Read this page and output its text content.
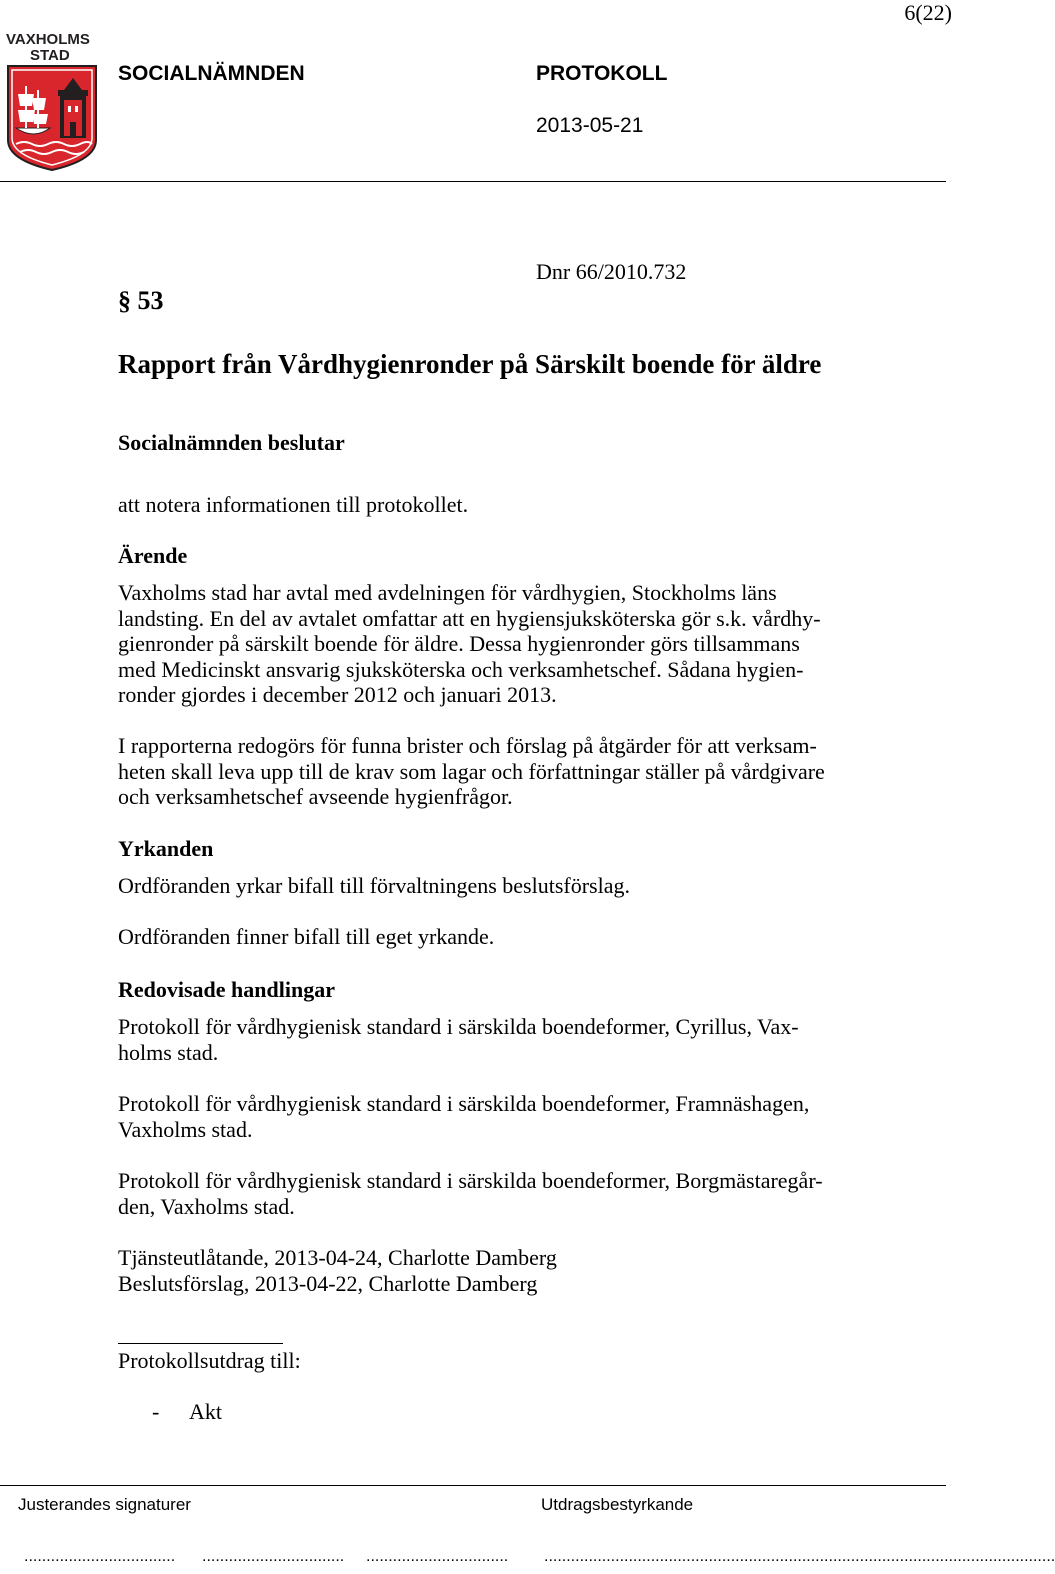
6(22)
VAXHOLMS
STAD
SOCIALNÄMNDEN	PROTOKOLL
2013-05-21
Dnr 66/2010.732
§ 53
Rapport från Vårdhygienronder på Särskilt boende för äldre
Socialnämnden beslutar
att notera informationen till protokollet.
Ärende
Vaxholms stad har avtal med avdelningen för vårdhygien, Stockholms läns
landsting. En del av avtalet omfattar att en hygiensjuksköterska gör s.k. vårdhy-
gienronder på särskilt boende för äldre. Dessa hygienronder görs tillsammans
med Medicinskt ansvarig sjuksköterska och verksamhetschef. Sådana hygien-
ronder gjordes i december 2012 och januari 2013.
I rapporterna redogörs för funna brister och förslag på åtgärder för att verksam-
heten skall leva upp till de krav som lagar och författningar ställer på vårdgivare
och verksamhetschef avseende hygienfrågor.
Yrkanden
Ordföranden yrkar bifall till förvaltningens beslutsförslag.
Ordföranden finner bifall till eget yrkande.
Redovisade handlingar
Protokoll för vårdhygienisk standard i särskilda boendeformer, Cyrillus, Vax-
holms stad.
Protokoll för vårdhygienisk standard i särskilda boendeformer, Framnäshagen,
Vaxholms stad.
Protokoll för vårdhygienisk standard i särskilda boendeformer, Borgmästaregår-
den, Vaxholms stad.
Tjänsteutlåtande, 2013-04-24, Charlotte Damberg
Beslutsförslag, 2013-04-22, Charlotte Damberg
Protokollsutdrag till:
- Akt
Justerandes signaturer	Utdragsbestyrkande
.................................. ................................ ................................ ...................................................................................................................
